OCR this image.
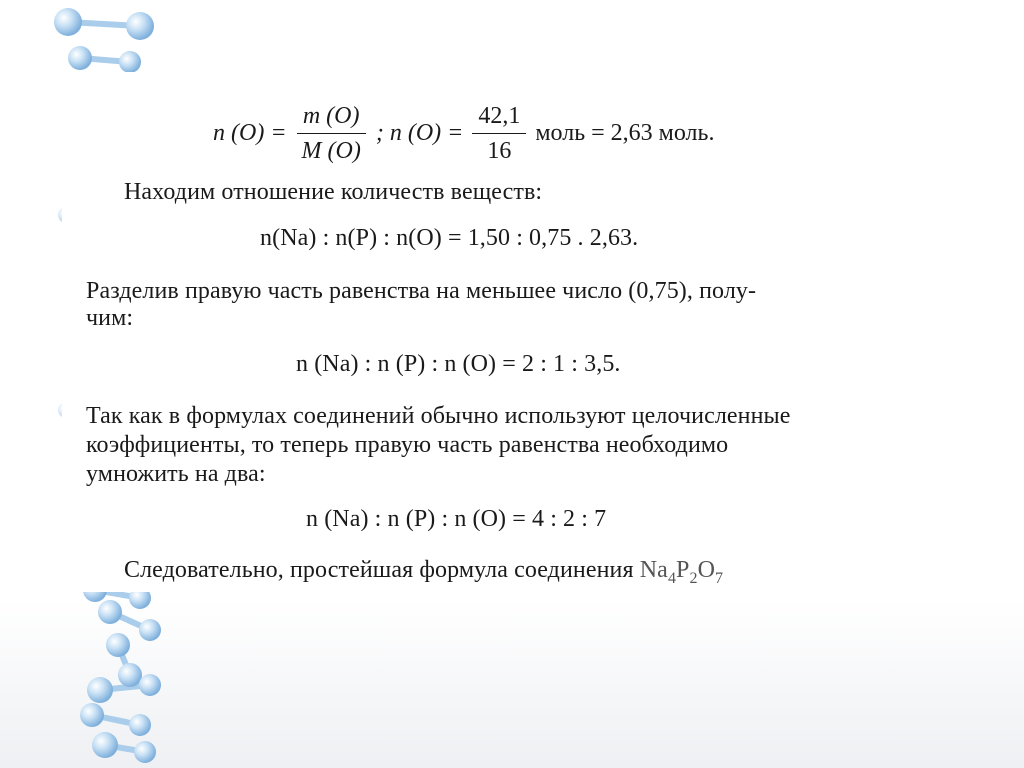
n $(O) = \frac{m (O)}{M (O)}$ ; n $(O) = \frac{42,1}{16}$ моль = 2,63 моль.
Находим отношение количеств веществ:
n(Na) : n(P) : n(O) = 1,50 : 0,75 . 2,63.
Разделив правую часть равенства на меньшее число (0,75), полу-
чим:
n (Na) : n (P) : n (O) = 2 : 1 : 3,5.
Так как в формулах соединений обычно используют целочисленные
коэффициенты, то теперь правую часть равенства необходимо
умножить на два:
n (Na) : n (P) : n (O) = 4 : 2 : 7
Следовательно, простейшая формула соединения $Na_4P_2O_7$
